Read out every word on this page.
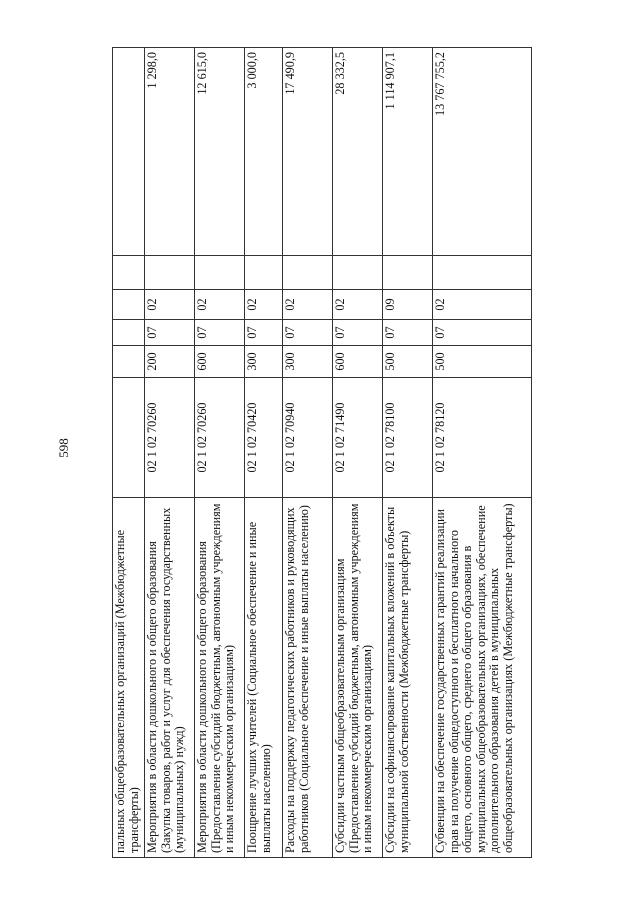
598
пальных общеобразовательных организаций (Межбюджетные трансферты)						
Мероприятия в области дошкольного и общего образования (Закупка товаров, работ и услуг для обеспечения государственных (муниципальных) нужд)	02 1 02 70260	200	07	02		1 298,0
Мероприятия в области дошкольного и общего образования (Предоставление субсидий бюджетным, автономным учреждениям и иным некоммерческим организациям)	02 1 02 70260	600	07	02		12 615,0
Поощрение лучших учителей (Социальное обеспечение и иные выплаты населению)	02 1 02 70420	300	07	02		3 000,0
Расходы на поддержку педагогических работников и руководящих работников (Социальное обеспечение и иные выплаты населению)	02 1 02 70940	300	07	02		17 490,9
Субсидии частным общеобразовательным организациям (Предоставление субсидий бюджетным, автономным учреждениям и иным некоммерческим организациям)	02 1 02 71490	600	07	02		28 332,5
Субсидии на софинансирование капитальных вложений в объекты муниципальной собственности (Межбюджетные трансферты)	02 1 02 78100	500	07	09		1 114 907,1
Субвенции на обеспечение государственных гарантий реализации прав на получение общедоступного и бесплатного начального общего, основного общего, среднего общего образования в муниципальных общеобразовательных организациях, обеспечение дополнительного образования детей в муниципальных общеобразовательных организациях (Межбюджетные трансферты)	02 1 02 78120	500	07	02		13 767 755,2
